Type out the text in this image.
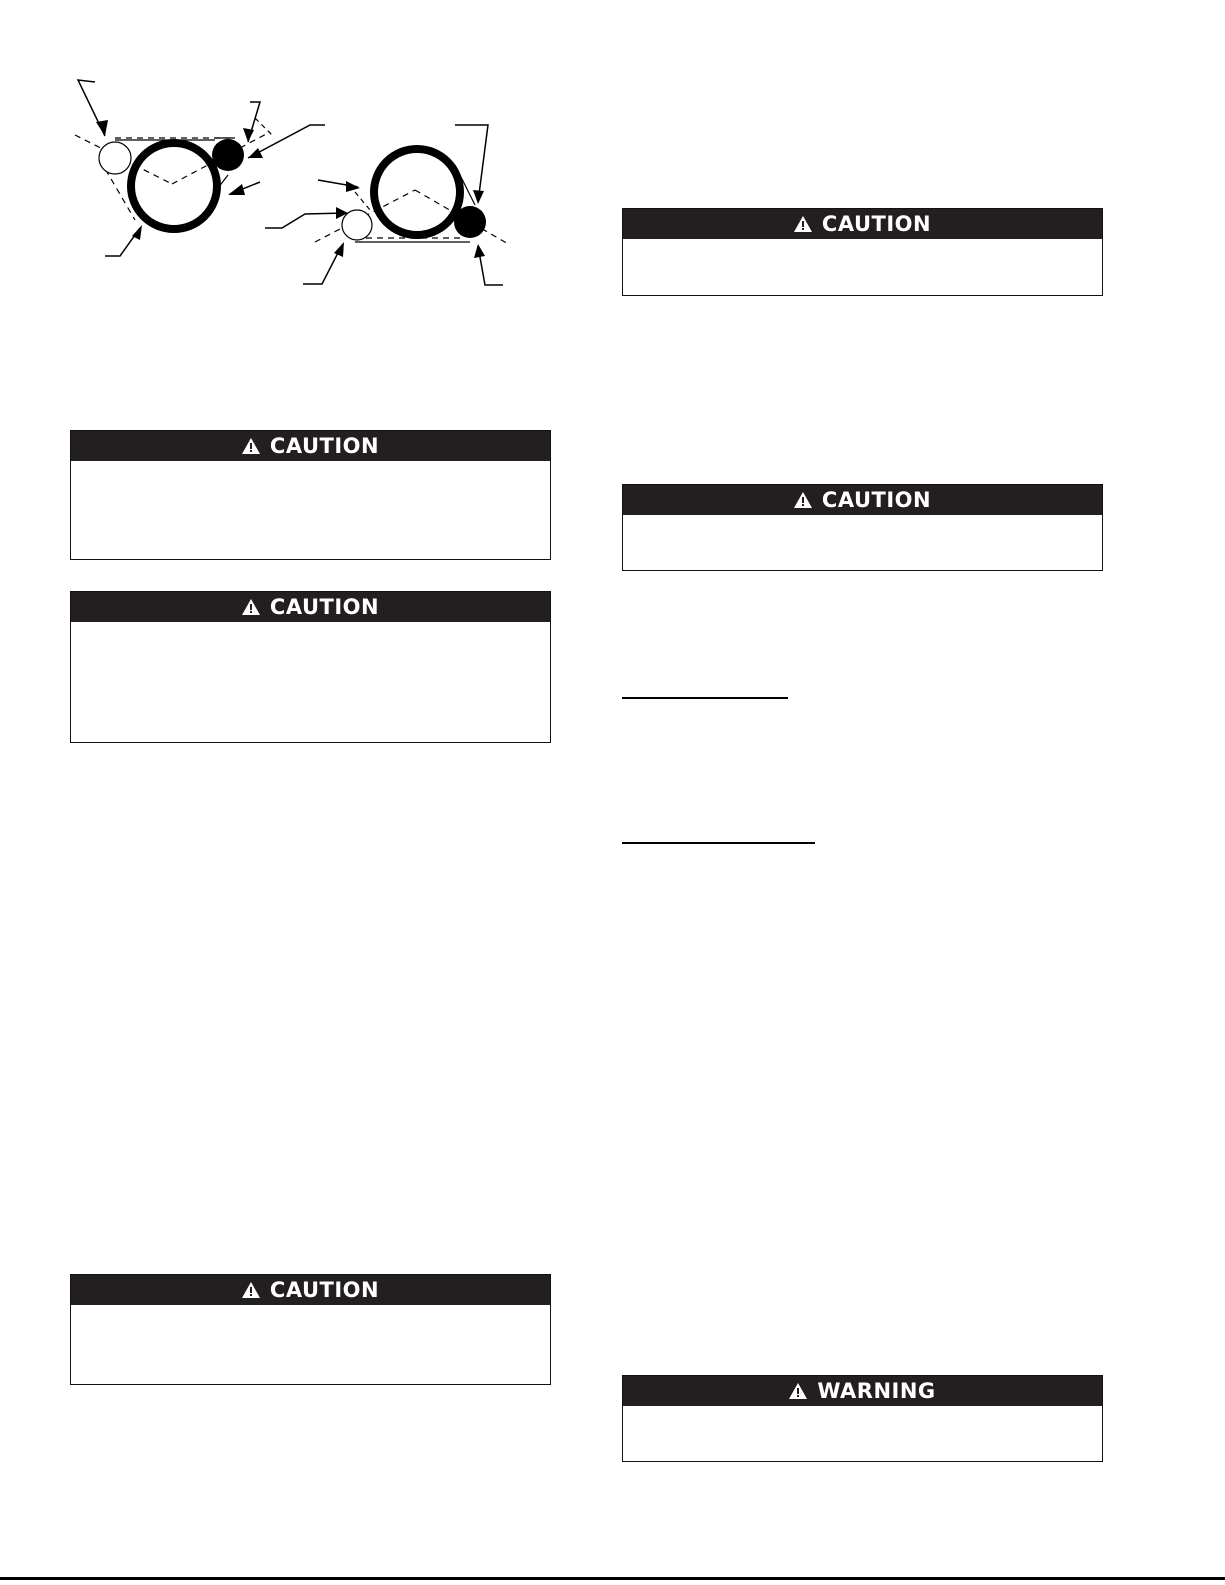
CAUTION
CAUTION
CAUTION
CAUTION
CAUTION
WARNING
